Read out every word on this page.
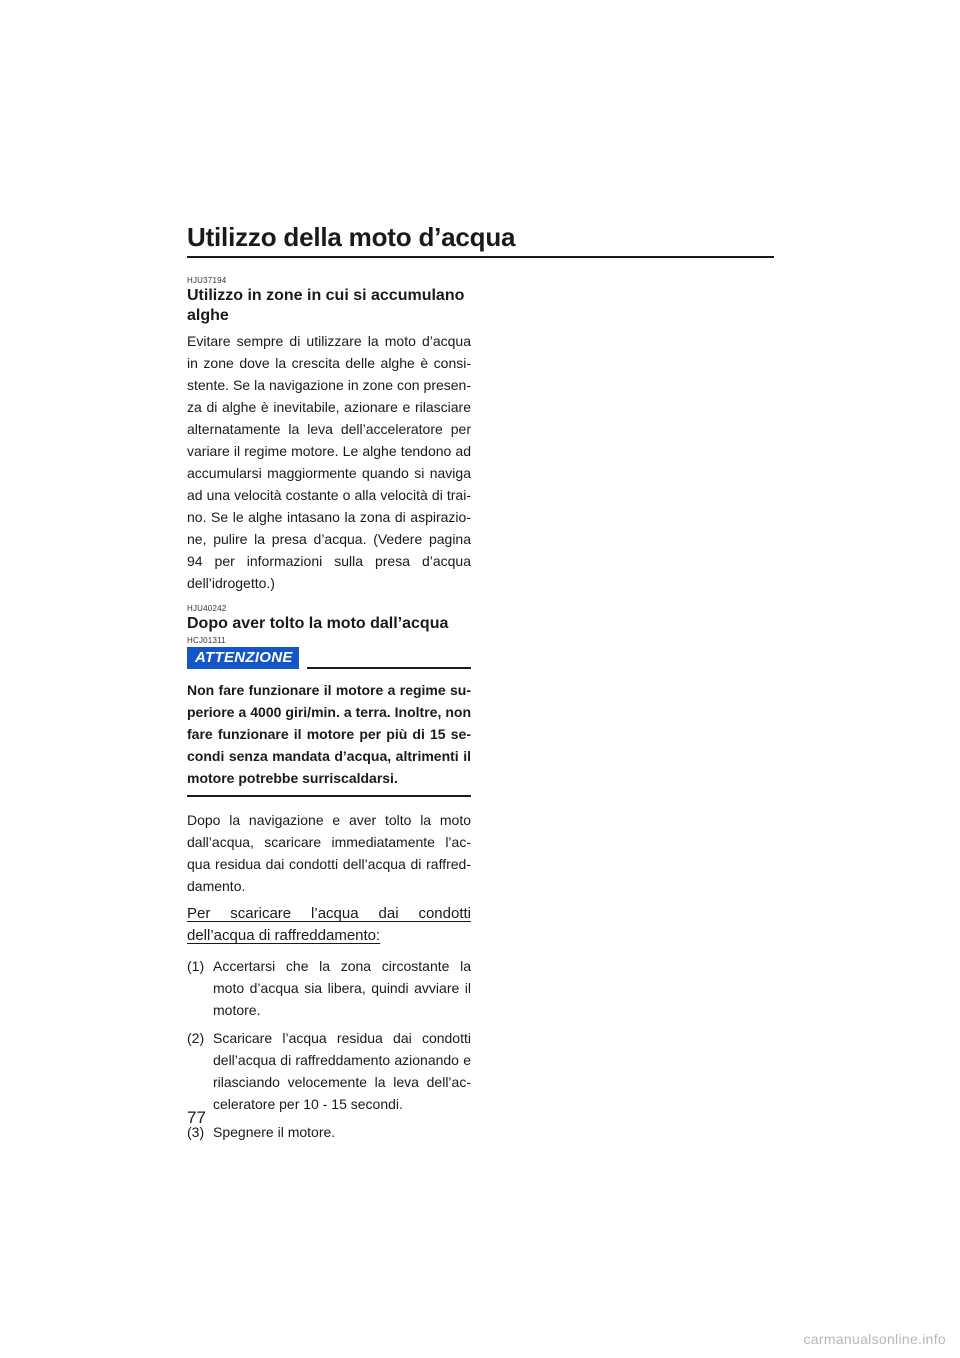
Utilizzo della moto d’acqua
HJU37194
Utilizzo in zone in cui si accumulano alghe

Evitare sempre di utilizzare la moto d’acqua in zone dove la crescita delle alghe è consi-stente. Se la navigazione in zone con presen-za di alghe è inevitabile, azionare e rilasciare alternatamente la leva dell’acceleratore per variare il regime motore. Le alghe tendono ad accumularsi maggiormente quando si naviga ad una velocità costante o alla velocità di trai-no. Se le alghe intasano la zona di aspirazio-ne, pulire la presa d’acqua. (Vedere pagina 94 per informazioni sulla presa d’acqua dell’idrogetto.)

HJU40242
Dopo aver tolto la moto dall’acqua
HCJ01311
ATTENZIONE

Non fare funzionare il motore a regime su-periore a 4000 giri/min. a terra. Inoltre, non fare funzionare il motore per più di 15 se-condi senza mandata d’acqua, altrimenti il motore potrebbe surriscaldarsi.

Dopo la navigazione e aver tolto la moto dall’acqua, scaricare immediatamente l’ac-qua residua dai condotti dell’acqua di raffred-damento.

Per scaricare l’acqua dai condotti dell’acqua di raffreddamento:
(1) Accertarsi che la zona circostante la moto d’acqua sia libera, quindi avviare il motore.
(2) Scaricare l’acqua residua dai condotti dell’acqua di raffreddamento azionando e rilasciando velocemente la leva dell’ac-celeratore per 10 - 15 secondi.
(3) Spegnere il motore.
77
carmanualsonline.info
